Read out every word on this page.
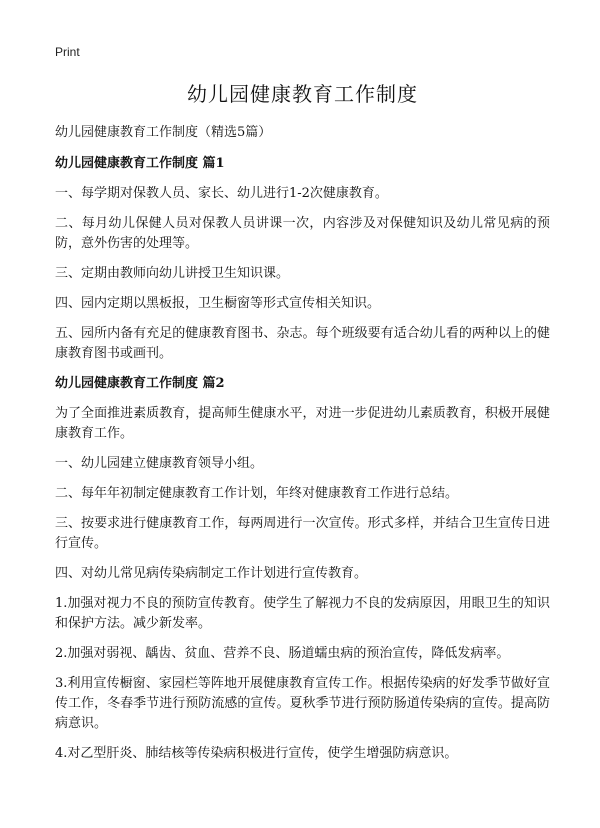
Print
幼儿园健康教育工作制度

幼儿园健康教育工作制度（精选5篇）

幼儿园健康教育工作制度 篇1

一、每学期对保教人员、家长、幼儿进行1-2次健康教育。

二、每月幼儿保健人员对保教人员讲课一次，内容涉及对保健知识及幼儿常见病的预防，意外伤害的处理等。

三、定期由教师向幼儿讲授卫生知识课。

四、园内定期以黑板报，卫生橱窗等形式宣传相关知识。

五、园所内备有充足的健康教育图书、杂志。每个班级要有适合幼儿看的两种以上的健康教育图书或画刊。

幼儿园健康教育工作制度 篇2

为了全面推进素质教育，提高师生健康水平，对进一步促进幼儿素质教育，积极开展健康教育工作。

一、幼儿园建立健康教育领导小组。

二、每年年初制定健康教育工作计划，年终对健康教育工作进行总结。

三、按要求进行健康教育工作，每两周进行一次宣传。形式多样，并结合卫生宣传日进行宣传。

四、对幼儿常见病传染病制定工作计划进行宣传教育。

1.加强对视力不良的预防宣传教育。使学生了解视力不良的发病原因，用眼卫生的知识和保护方法。减少新发率。

2.加强对弱视、龋齿、贫血、营养不良、肠道蠕虫病的预治宣传，降低发病率。

3.利用宣传橱窗、家园栏等阵地开展健康教育宣传工作。根据传染病的好发季节做好宣传工作，冬春季节进行预防流感的宣传。夏秋季节进行预防肠道传染病的宣传。提高防病意识。

4.对乙型肝炎、肺结核等传染病积极进行宣传，使学生增强防病意识。
